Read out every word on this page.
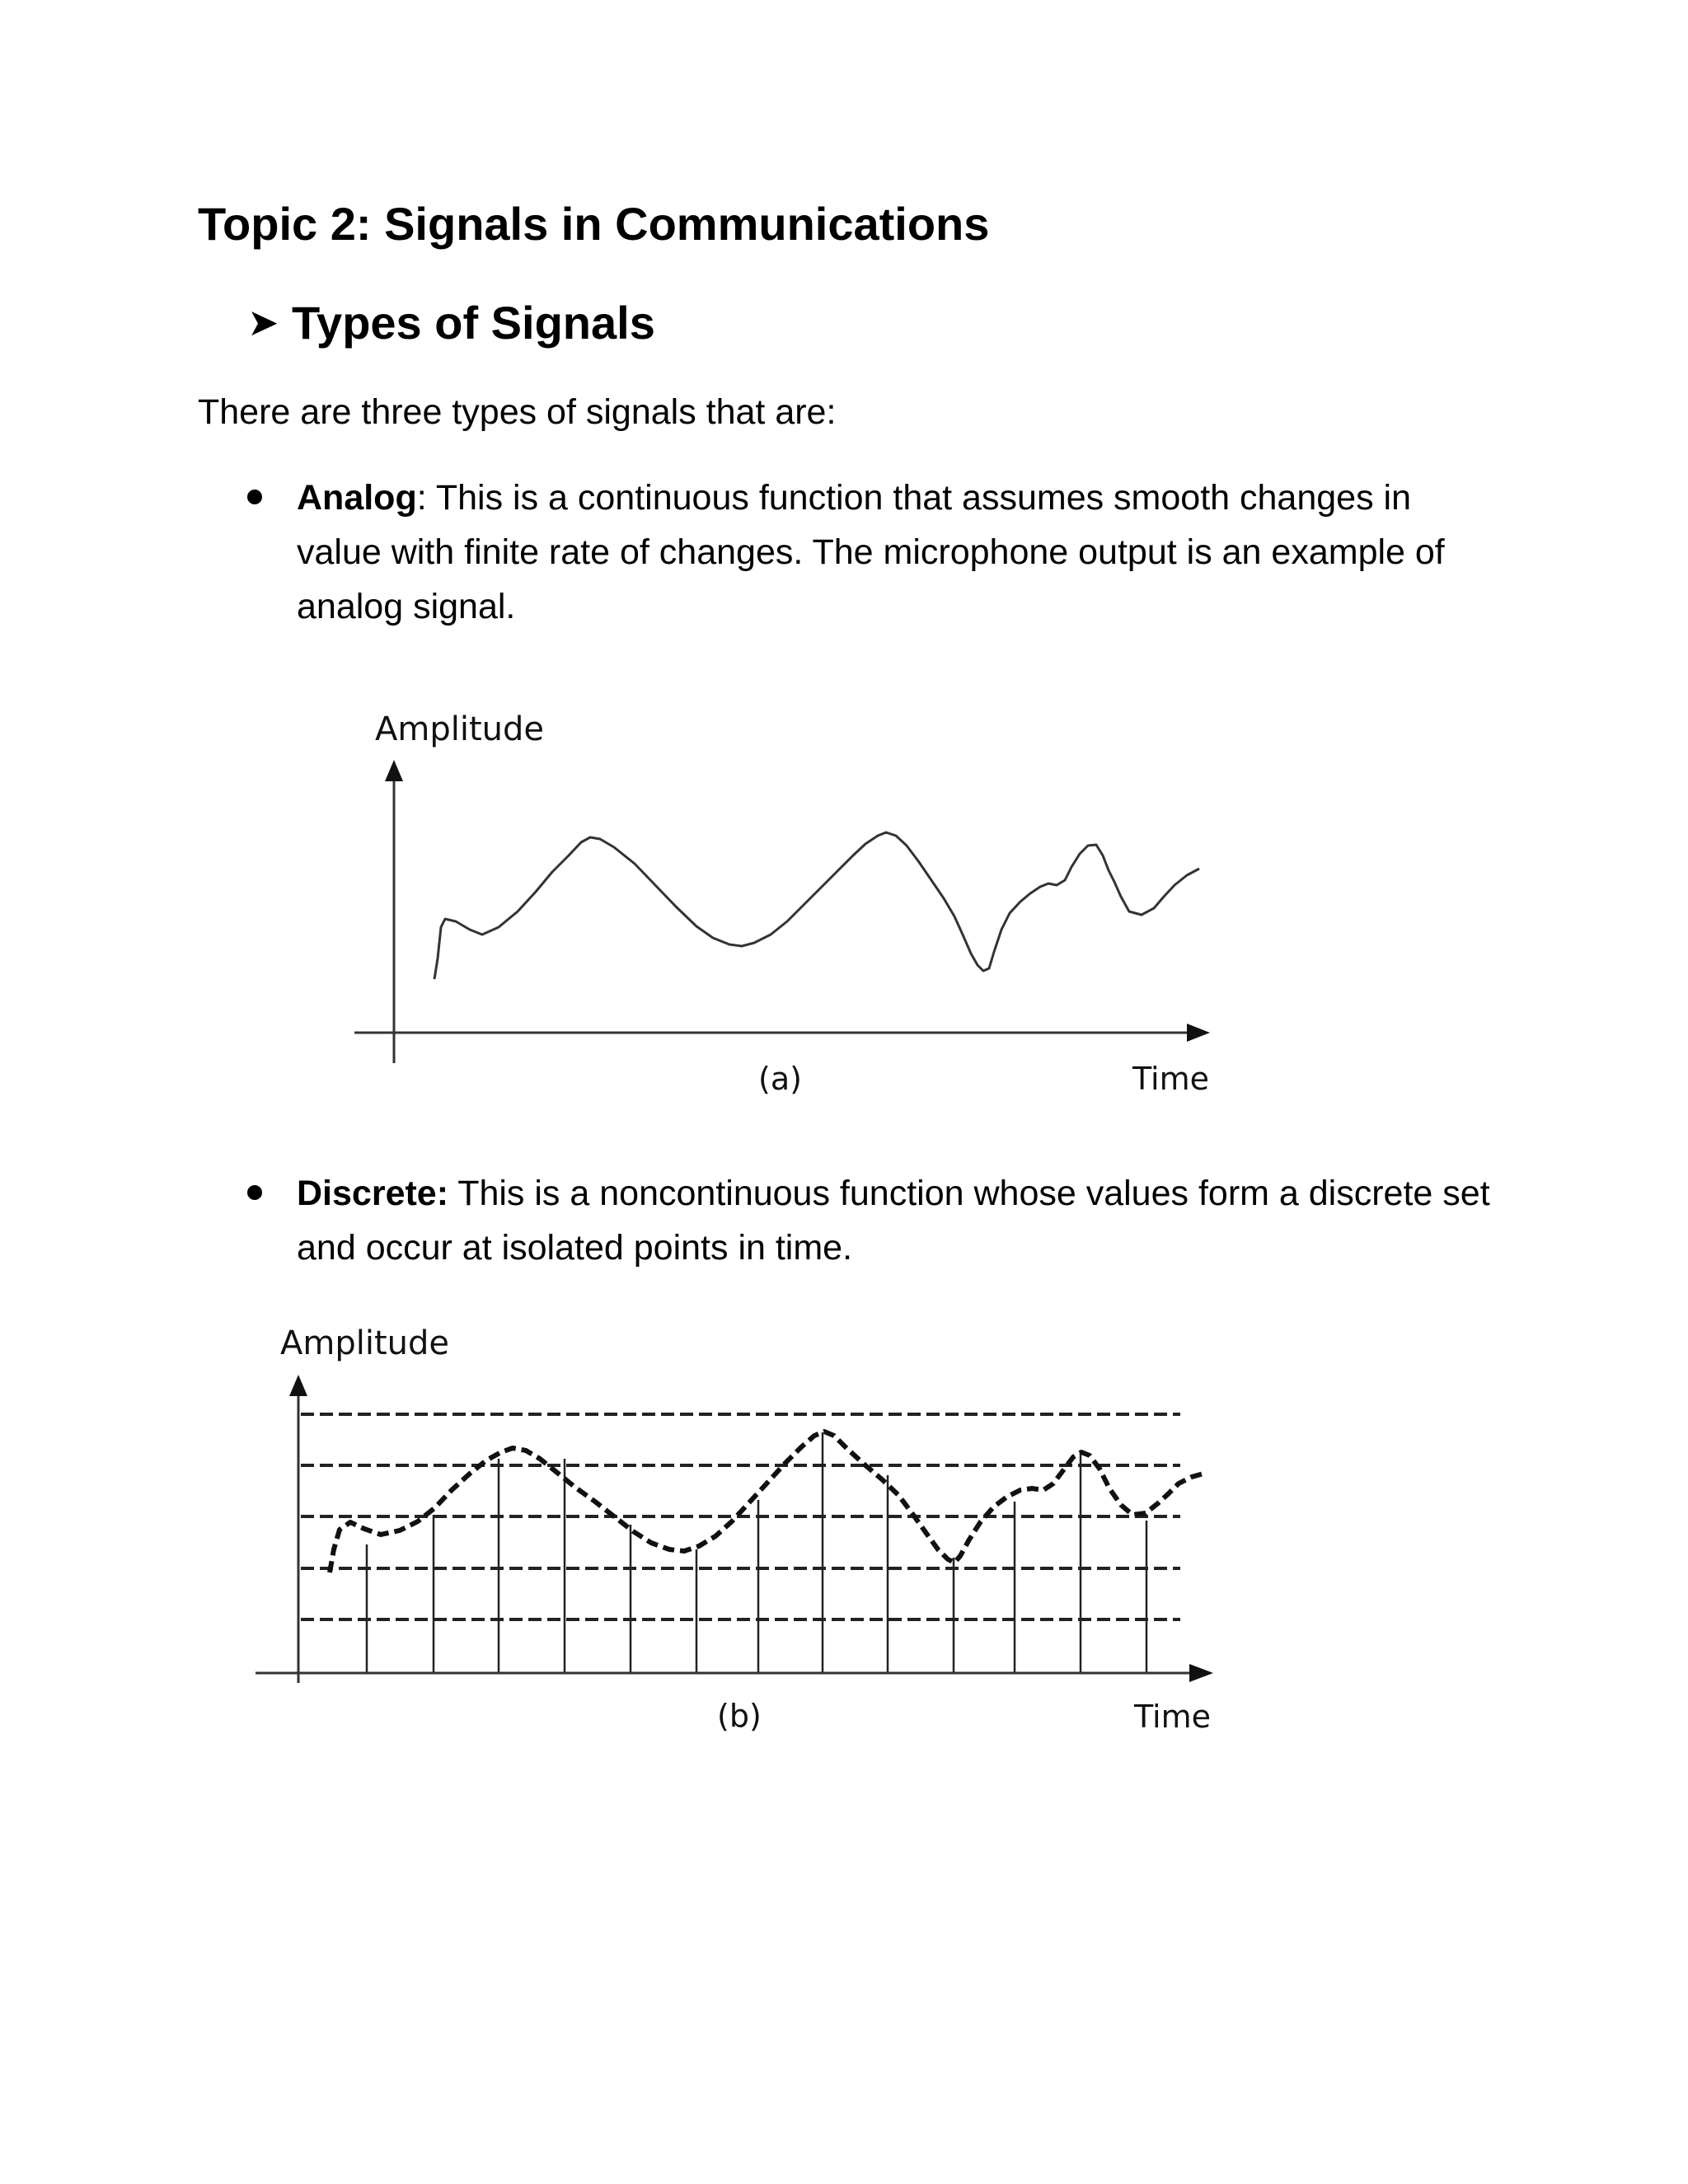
Topic 2: Signals in Communications
➤ Types of Signals
There are three types of signals that are:
Analog: This is a continuous function that assumes smooth changes in value with finite rate of changes. The microphone output is an example of analog signal.
Discrete: This is a noncontinuous function whose values form a discrete set and occur at isolated points in time.
Amplitude
(a)	Time
Amplitude
(b)	Time
